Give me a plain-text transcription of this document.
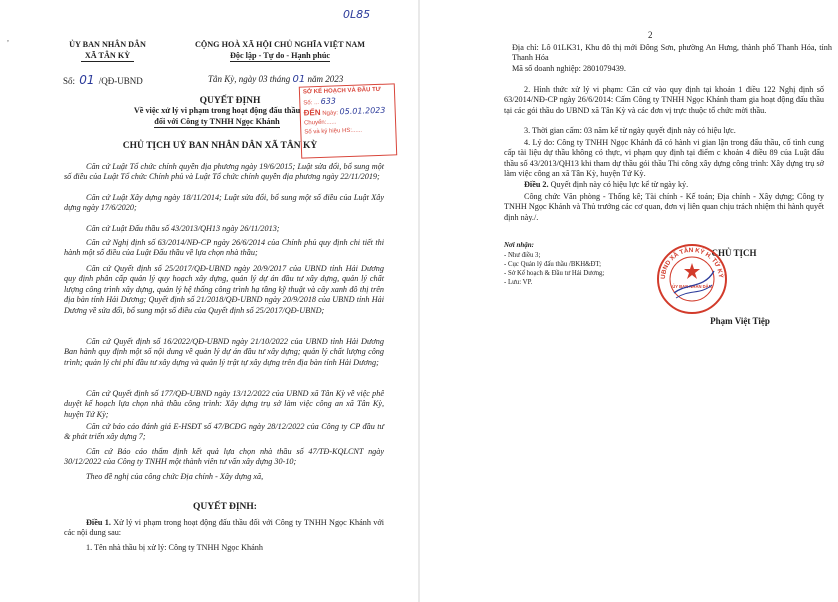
0L85
,
ỦY BAN NHÂN DÂN
XÃ TÂN KỲ
CỘNG HOÀ XÃ HỘI CHỦ NGHĨA VIỆT NAM
Độc lập - Tự do - Hạnh phúc
Số: 01 /QĐ-UBND	Tân Kỳ, ngày 03 tháng 01 năm 2023
SỞ KẾ HOẠCH VÀ ĐẦU TƯ
Số: ... 633
ĐẾN Ngày: 05.01.2023
Chuyển:......
Số và ký hiệu HS:......
QUYẾT ĐỊNH
Về việc xử lý vi phạm trong hoạt động đấu thầu
đối với Công ty TNHH Ngọc Khánh
CHỦ TỊCH UỶ BAN NHÂN DÂN XÃ TÂN KỲ
Căn cứ Luật Tổ chức chính quyền địa phương ngày 19/6/2015; Luật sửa đổi, bổ sung một số điều của Luật Tổ chức Chính phủ và Luật Tổ chức chính quyền địa phương ngày 22/11/2019;
Căn cứ Luật Xây dựng ngày 18/11/2014; Luật sửa đổi, bổ sung một số điều của Luật Xây dựng ngày 17/6/2020;
Căn cứ Luật Đấu thầu số 43/2013/QH13 ngày 26/11/2013;
Căn cứ Nghị định số 63/2014/NĐ-CP ngày 26/6/2014 của Chính phủ quy định chi tiết thi hành một số điều của Luật Đấu thầu về lựa chọn nhà thầu;
Căn cứ Quyết định số 25/2017/QĐ-UBND ngày 20/9/2017 của UBND tỉnh Hải Dương quy định phân cấp quản lý quy hoạch xây dựng, quản lý dự án đầu tư xây dựng, quản lý chất lượng công trình xây dựng, quản lý hệ thống công trình hạ tầng kỹ thuật và cây xanh đô thị trên địa bàn tỉnh Hải Dương; Quyết định số 21/2018/QĐ-UBND ngày 20/9/2018 của UBND tỉnh Hải Dương về sửa đổi, bổ sung một số điều của Quyết định số 25/2017/QĐ-UBND;
Căn cứ Quyết định số 16/2022/QĐ-UBND ngày 21/10/2022 của UBND tỉnh Hải Dương Ban hành quy định một số nội dung về quản lý dự án đầu tư xây dựng; quản lý chất lượng công trình; quản lý chi phí đầu tư xây dựng và quản lý trật tự xây dựng trên địa bàn tỉnh Hải Dương;
Căn cứ Quyết định số 177/QĐ-UBND ngày 13/12/2022 của UBND xã Tân Kỳ về việc phê duyệt kế hoạch lựa chọn nhà thầu công trình: Xây dựng trụ sở làm việc công an xã Tân Kỳ, huyện Tứ Kỳ;
Căn cứ báo cáo đánh giá E-HSĐT số 47/BCĐG ngày 28/12/2022 của Công ty CP đầu tư & phát triển xây dựng 7;
Căn cứ Báo cáo thẩm định kết quả lựa chọn nhà thầu số 47/TĐ-KQLCNT ngày 30/12/2022 của Công ty TNHH một thành viên tư vấn xây dựng 30-10;
Theo đề nghị của công chức Địa chính - Xây dựng xã,
QUYẾT ĐỊNH:
Điều 1. Xử lý vi phạm trong hoạt động đấu thầu đối với Công ty TNHH Ngọc Khánh với các nội dung sau:
1. Tên nhà thầu bị xử lý: Công ty TNHH Ngọc Khánh
2
Địa chỉ: Lô 01LK31, Khu đô thị mới Đông Sơn, phường An Hưng, thành phố Thanh Hóa, tỉnh Thanh Hóa
Mã số doanh nghiệp: 2801079439.
2. Hình thức xử lý vi phạm: Căn cứ vào quy định tại khoản 1 điều 122 Nghị định số 63/2014/NĐ-CP ngày 26/6/2014: Cấm Công ty TNHH Ngọc Khánh tham gia hoạt động đấu thầu tại các gói thầu do UBND xã Tân Kỳ và các đơn vị trực thuộc tổ chức mời thầu.
3. Thời gian cấm: 03 năm kể từ ngày quyết định này có hiệu lực.
4. Lý do: Công ty TNHH Ngọc Khánh đã có hành vi gian lận trong đấu thầu, cố tình cung cấp tài liệu dự thầu không có thực, vi phạm quy định tại điểm c khoản 4 điều 89 của Luật đấu thầu số 43/2013/QH13 khi tham dự thầu gói thầu Thi công xây dựng công trình: Xây dựng trụ sở làm việc công an xã Tân Kỳ, huyện Tứ Kỳ.
Điều 2. Quyết định này có hiệu lực kể từ ngày ký.
Công chức Văn phòng - Thống kê; Tài chính - Kế toán; Địa chính - Xây dựng; Công ty TNHH Ngọc Khánh và Thủ trưởng các cơ quan, đơn vị liên quan chịu trách nhiệm thi hành quyết định này./.
Nơi nhận:
- Như điều 3;
- Cục Quản lý đấu thầu /BKH&ĐT;
- Sở Kế hoạch & Đầu tư Hải Dương;
- Lưu: VP.
CHỦ TỊCH
Phạm Việt Tiệp
UBND XÃ TÂN KỲ H. TỨ KỲ
ỦY BAN NHÂN DÂN
